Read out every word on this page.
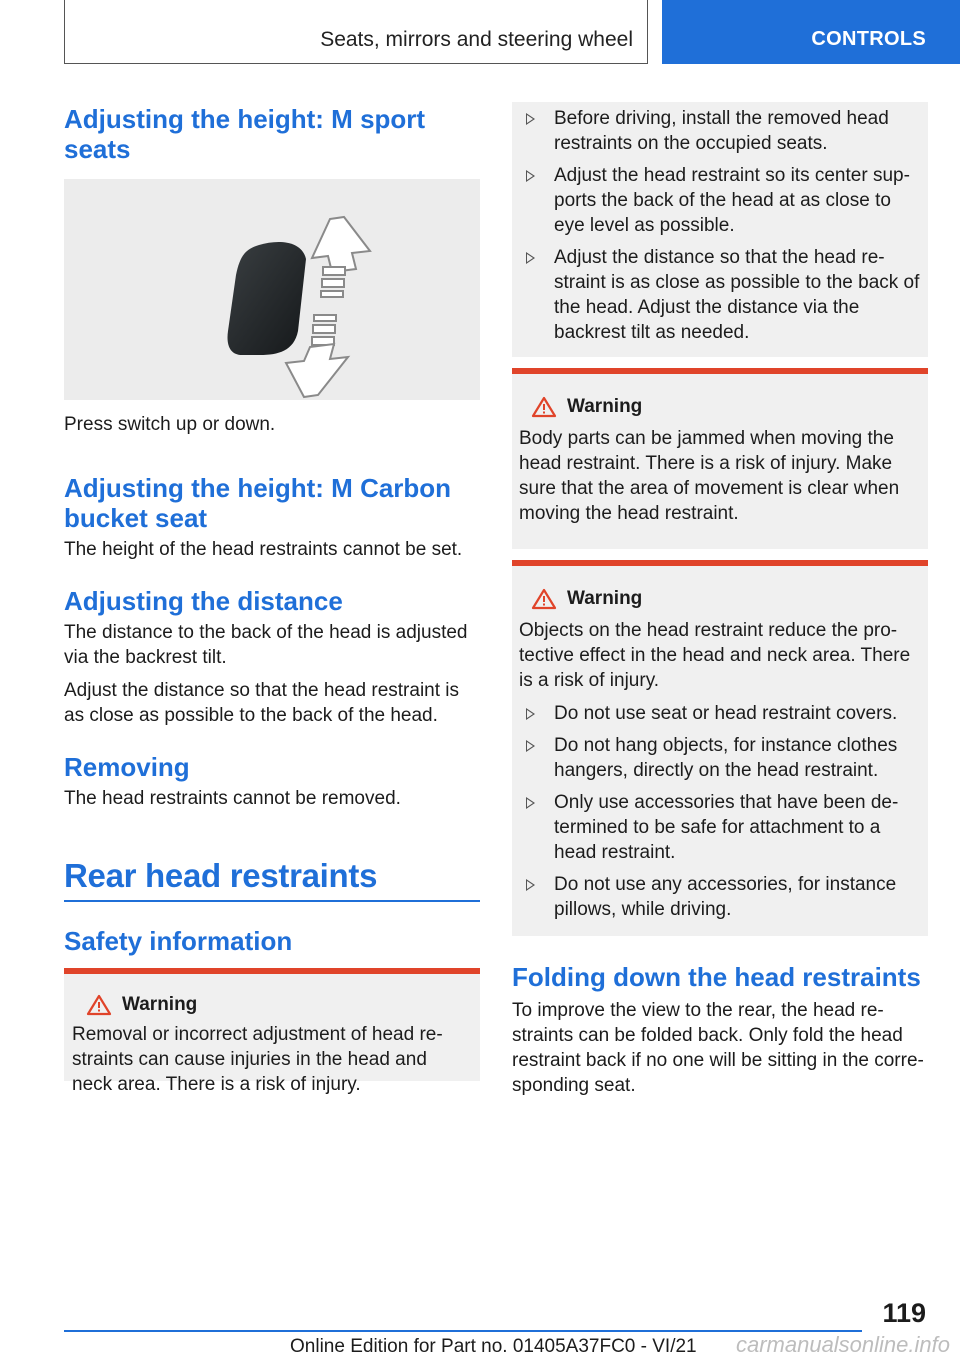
Seats, mirrors and steering wheel	CONTROLS
Adjusting the height: M sport seats

Press switch up or down.

Adjusting the height: M Carbon bucket seat

The height of the head restraints cannot be set.

Adjusting the distance

The distance to the back of the head is adjusted via the backrest tilt.

Adjust the distance so that the head restraint is as close as possible to the back of the head.

Removing

The head restraints cannot be removed.

Rear head restraints
Safety information
Warning

Removal or incorrect adjustment of head re-straints can cause injuries in the head and neck area. There is a risk of injury.

Before driving, install the removed head restraints on the occupied seats.
Adjust the head restraint so its center sup-ports the back of the head at as close to eye level as possible.
Adjust the distance so that the head re-straint is as close as possible to the back of the head. Adjust the distance via the backrest tilt as needed.
Warning

Body parts can be jammed when moving the head restraint. There is a risk of injury. Make sure that the area of movement is clear when moving the head restraint.

Warning

Objects on the head restraint reduce the pro-tective effect in the head and neck area. There is a risk of injury.

Do not use seat or head restraint covers.
Do not hang objects, for instance clothes hangers, directly on the head restraint.
Only use accessories that have been de-termined to be safe for attachment to a head restraint.
Do not use any accessories, for instance pillows, while driving.
Folding down the head restraints

To improve the view to the rear, the head re-straints can be folded back. Only fold the head restraint back if no one will be sitting in the corre-sponding seat.

119
Online Edition for Part no. 01405A37FC0 - VI/21 carmanualsonline.info
